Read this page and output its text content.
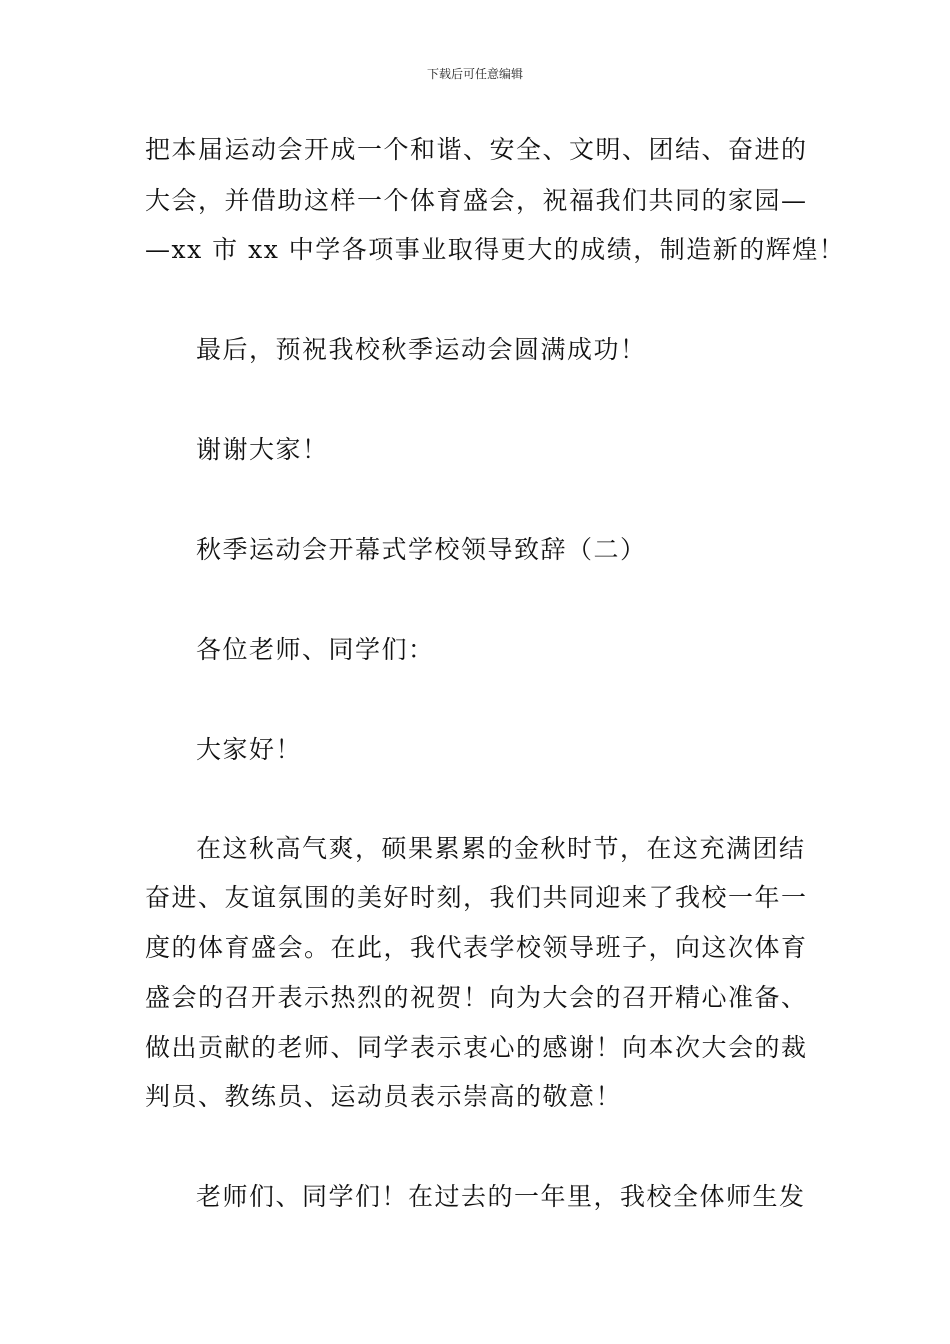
下载后可任意编辑
把本届运动会开成一个和谐、安全、文明、团结、奋进的
大会，并借助这样一个体育盛会，祝福我们共同的家园—
—xx 市 xx 中学各项事业取得更大的成绩，制造新的辉煌！
最后，预祝我校秋季运动会圆满成功！
谢谢大家！
秋季运动会开幕式学校领导致辞（二）
各位老师、同学们：
大家好！
在这秋高气爽，硕果累累的金秋时节，在这充满团结
奋进、友谊氛围的美好时刻，我们共同迎来了我校一年一
度的体育盛会。在此，我代表学校领导班子，向这次体育
盛会的召开表示热烈的祝贺！向为大会的召开精心准备、
做出贡献的老师、同学表示衷心的感谢！向本次大会的裁
判员、教练员、运动员表示崇高的敬意！
老师们、同学们！在过去的一年里，我校全体师生发
